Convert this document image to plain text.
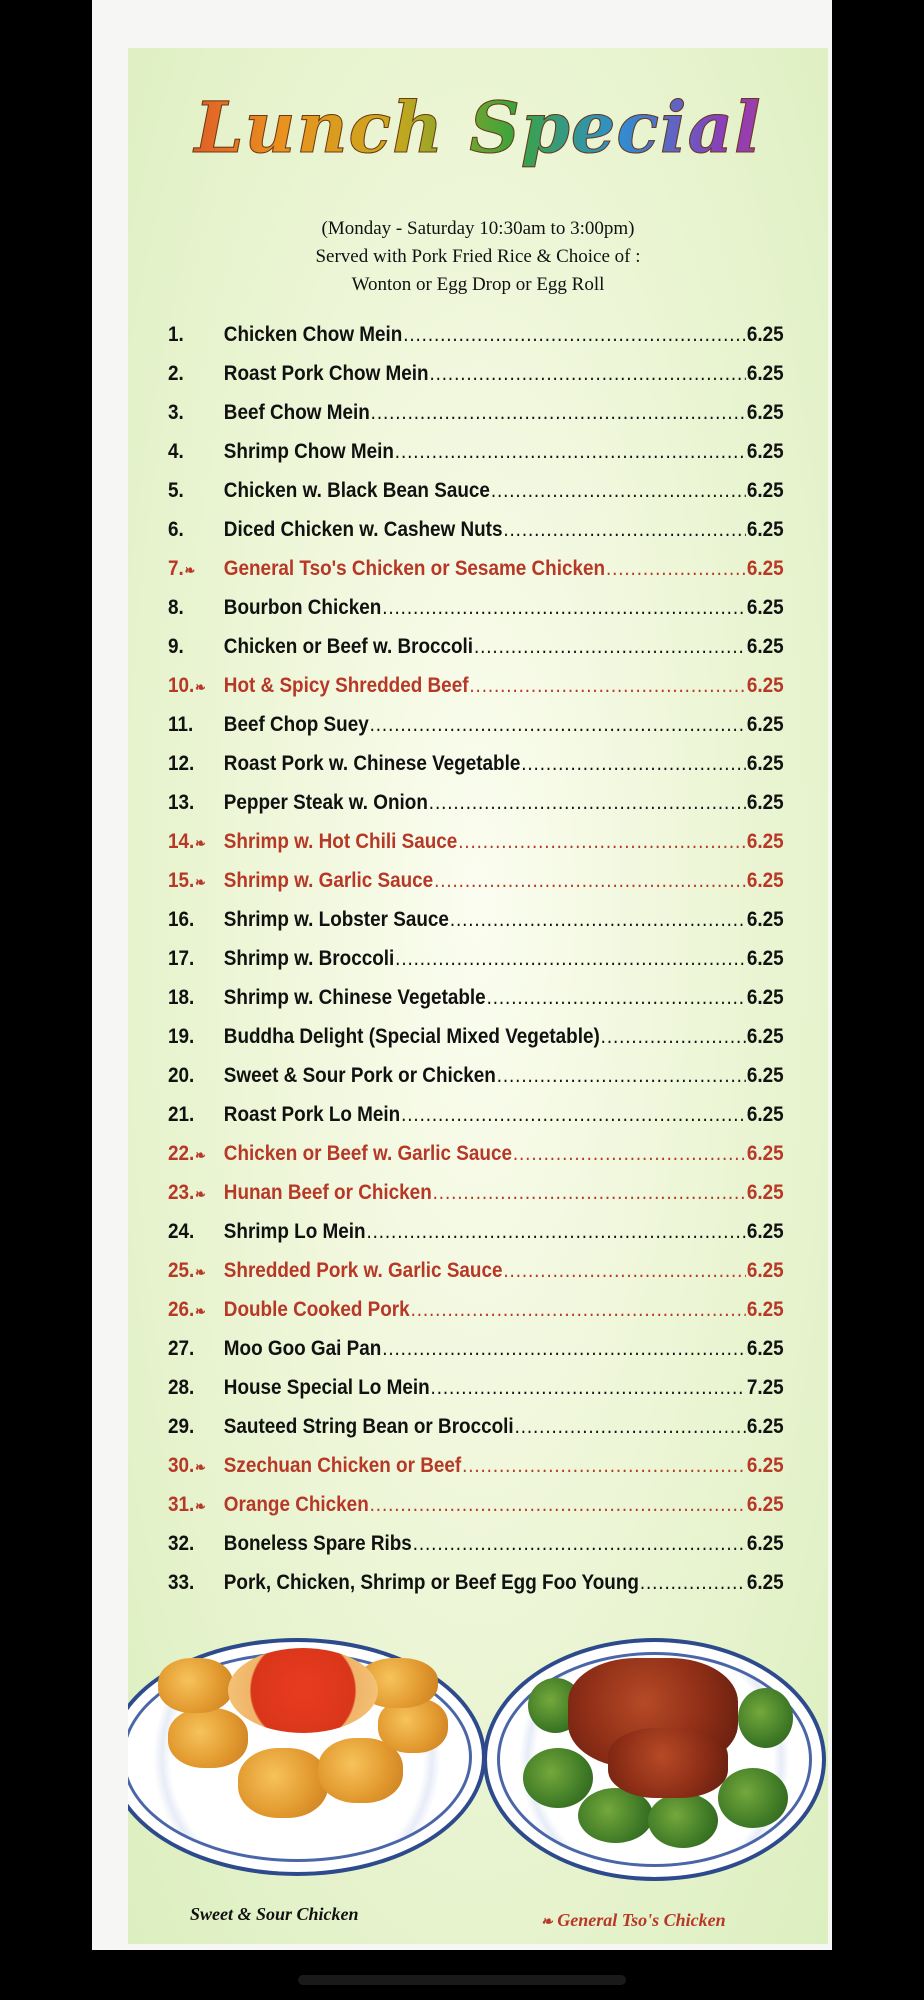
Lunch Special
(Monday - Saturday 10:30am to 3:00pm)
Served with Pork Fried Rice & Choice of :
Wonton or Egg Drop or Egg Roll
1.	Chicken Chow Mein .....	6.25
2.	Roast Pork Chow Mein .....	6.25
3.	Beef Chow Mein .....	6.25
4.	Shrimp Chow Mein .....	6.25
5.	Chicken w. Black Bean Sauce .....	6.25
6.	Diced Chicken w. Cashew Nuts .....	6.25
7.❧	General Tso's Chicken or Sesame Chicken .....	6.25
8.	Bourbon Chicken .....	6.25
9.	Chicken or Beef w. Broccoli .....	6.25
10.❧ Hot & Spicy Shredded Beef .....	6.25
11.	Beef Chop Suey .....	6.25
12.	Roast Pork w. Chinese Vegetable .....	6.25
13.	Pepper Steak w. Onion .....	6.25
14.❧ Shrimp w. Hot Chili Sauce .....	6.25
15.❧ Shrimp w. Garlic Sauce .....	6.25
16.	Shrimp w. Lobster Sauce .....	6.25
17.	Shrimp w. Broccoli .....	6.25
18.	Shrimp w. Chinese Vegetable .....	6.25
19.	Buddha Delight (Special Mixed Vegetable) .....	6.25
20.	Sweet & Sour Pork or Chicken .....	6.25
21.	Roast Pork Lo Mein .....	6.25
22.❧ Chicken or Beef w. Garlic Sauce .....	6.25
23.❧ Hunan Beef or Chicken .....	6.25
24.	Shrimp Lo Mein .....	6.25
25.❧ Shredded Pork w. Garlic Sauce .....	6.25
26.❧ Double Cooked Pork .....	6.25
27.	Moo Goo Gai Pan .....	6.25
28.	House Special Lo Mein .....	7.25
29.	Sauteed String Bean or Broccoli .....	6.25
30.❧ Szechuan Chicken or Beef .....	6.25
31.❧ Orange Chicken .....	6.25
32.	Boneless Spare Ribs .....	6.25
33.	Pork, Chicken, Shrimp or Beef Egg Foo Young .....	6.25
Sweet & Sour Chicken	❧ General Tso's Chicken
